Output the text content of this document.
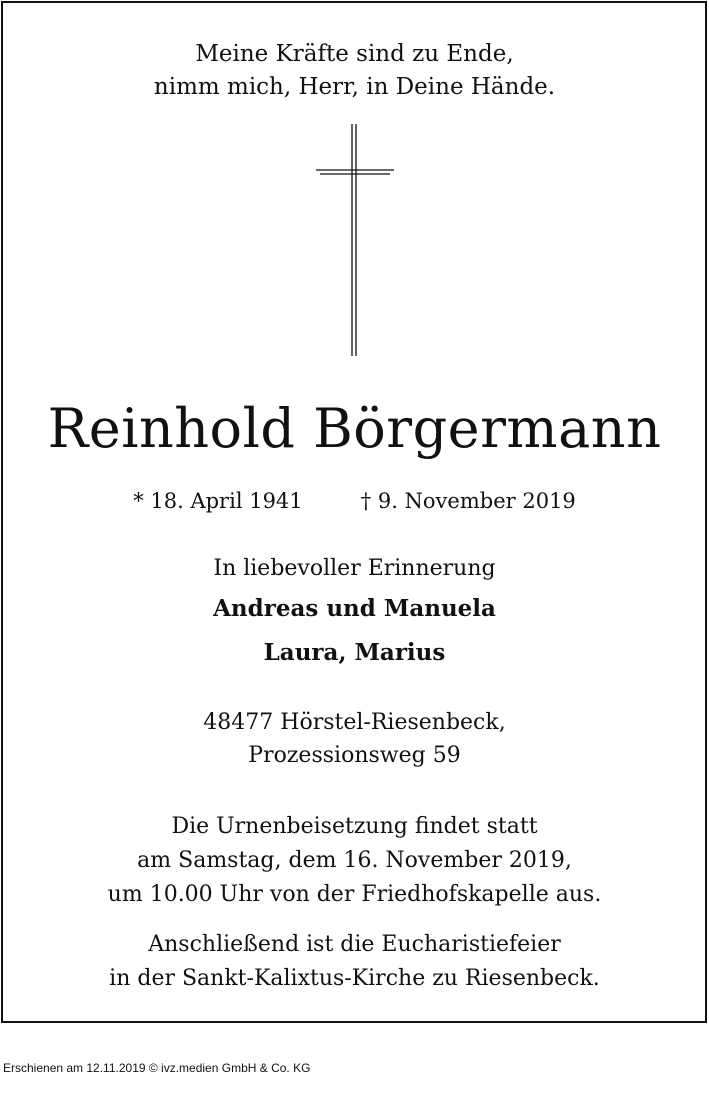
Meine Kräfte sind zu Ende,
nimm mich, Herr, in Deine Hände.
Reinhold Börgermann
* 18. April 1941	† 9. November 2019
In liebevoller Erinnerung
Andreas und Manuela
Laura, Marius
48477 Hörstel-Riesenbeck,
Prozessionsweg 59
Die Urnenbeisetzung findet statt
am Samstag, dem 16. November 2019,
um 10.00 Uhr von der Friedhofskapelle aus.
Anschließend ist die Eucharistiefeier
in der Sankt-Kalixtus-Kirche zu Riesenbeck.
Erschienen am 12.11.2019 © ivz.medien GmbH & Co. KG
